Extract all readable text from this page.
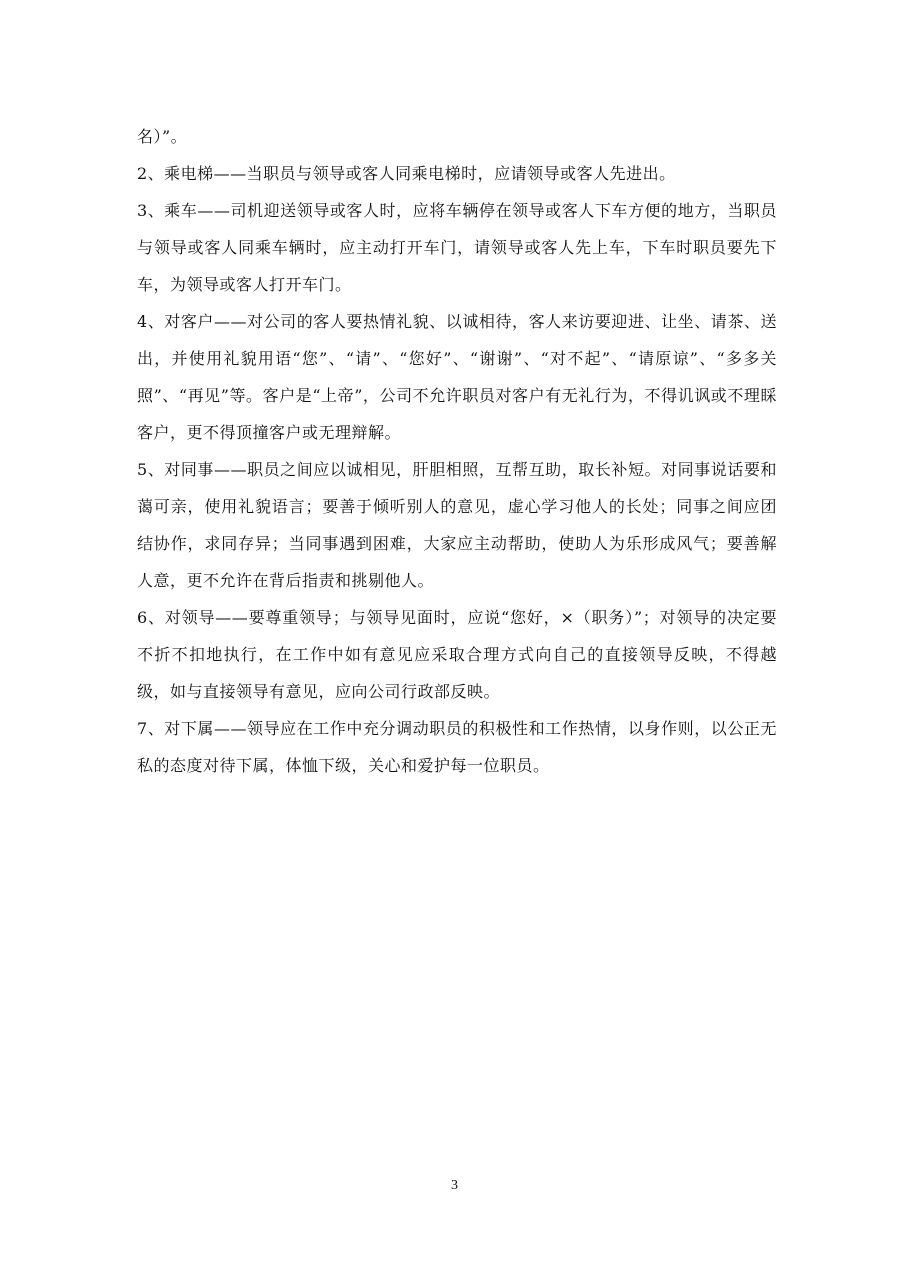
名）”。

2、乘电梯——当职员与领导或客人同乘电梯时，应请领导或客人先进出。

3、乘车——司机迎送领导或客人时，应将车辆停在领导或客人下车方便的地方，当职员与领导或客人同乘车辆时，应主动打开车门，请领导或客人先上车，下车时职员要先下车，为领导或客人打开车门。

4、对客户——对公司的客人要热情礼貌、以诚相待，客人来访要迎进、让坐、请茶、送出，并使用礼貌用语“您”、“请”、“您好”、“谢谢”、“对不起”、“请原谅”、“多多关照”、“再见”等。客户是“上帝”，公司不允许职员对客户有无礼行为，不得讥讽或不理睬客户，更不得顶撞客户或无理辩解。

5、对同事——职员之间应以诚相见，肝胆相照，互帮互助，取长补短。对同事说话要和蔼可亲，使用礼貌语言；要善于倾听别人的意见，虚心学习他人的长处；同事之间应团结协作，求同存异；当同事遇到困难，大家应主动帮助，使助人为乐形成风气；要善解人意，更不允许在背后指责和挑剔他人。

6、对领导——要尊重领导；与领导见面时，应说“您好，×（职务）”；对领导的决定要不折不扣地执行，在工作中如有意见应采取合理方式向自己的直接领导反映，不得越级，如与直接领导有意见，应向公司行政部反映。

7、对下属——领导应在工作中充分调动职员的积极性和工作热情，以身作则，以公正无私的态度对待下属，体恤下级，关心和爱护每一位职员。

3
